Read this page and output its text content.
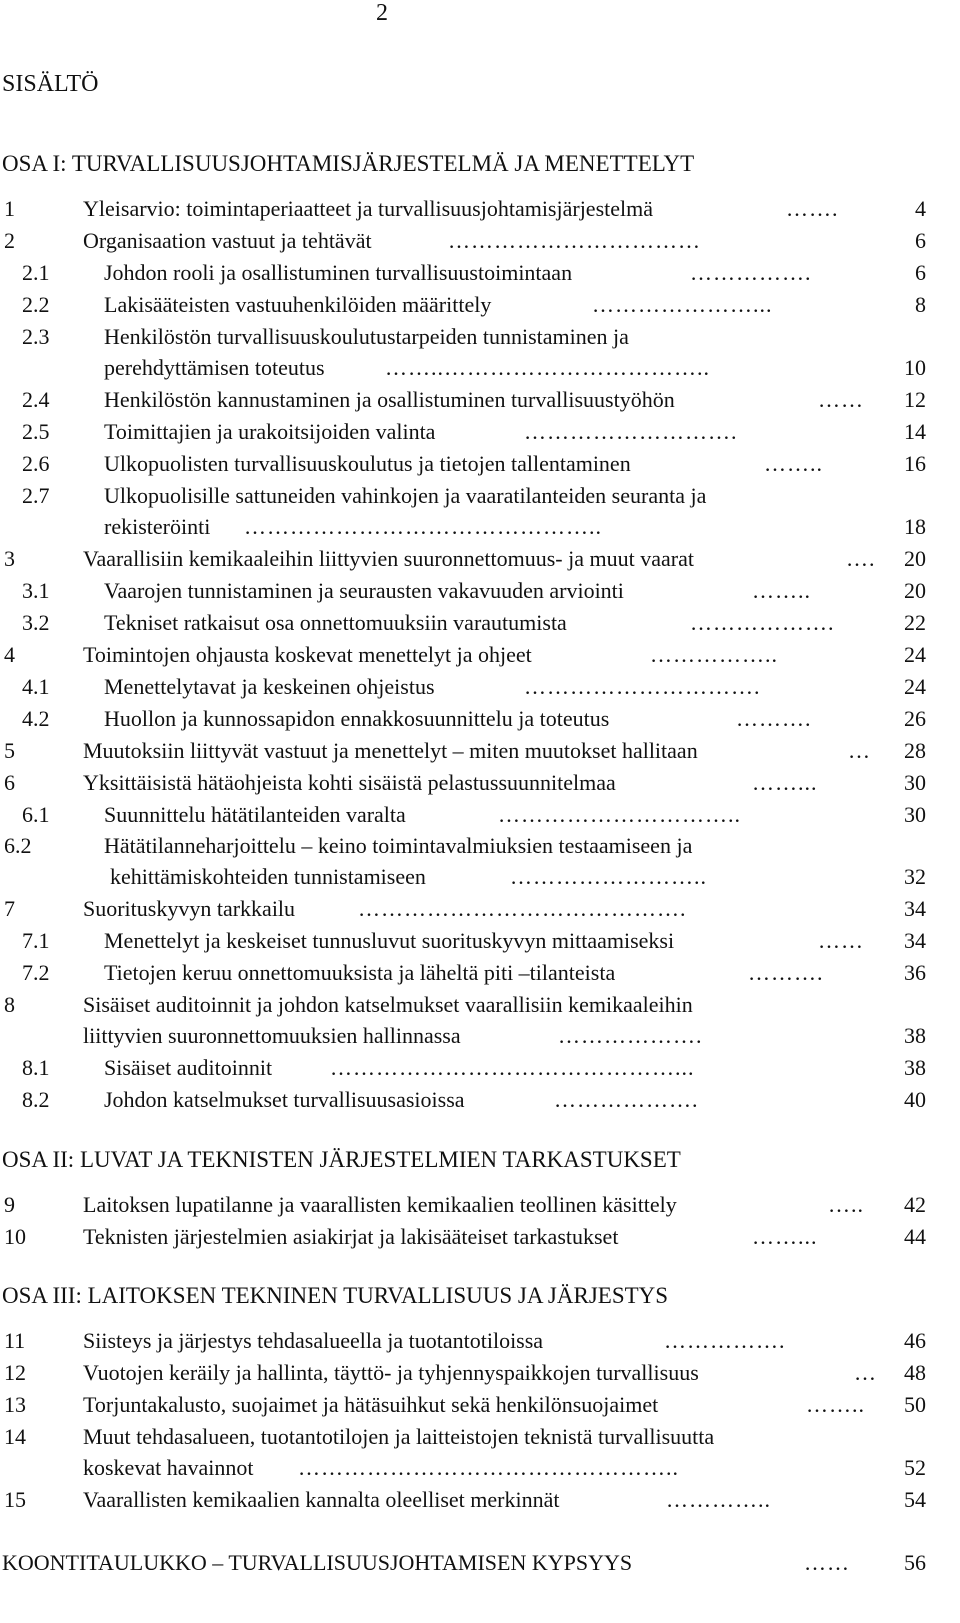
2
SISÄLTÖ
OSA I: TURVALLISUUSJOHTAMISJÄRJESTELMÄ JA MENETTELYT
OSA II: LUVAT JA TEKNISTEN JÄRJESTELMIEN TARKASTUKSET
OSA III: LAITOKSEN TEKNINEN TURVALLISUUS JA JÄRJESTYS
1	Yleisarvio: toimintaperiaatteet ja turvallisuusjohtamisjärjestelmä	…….	4
2	Organisaation vastuut ja tehtävät	……………………………	6
2.1 Johdon rooli ja osallistuminen turvallisuustoimintaan	…………….	6
2.2 Lakisääteisten vastuuhenkilöiden määrittely	…………………...	8
2.3 Henkilöstön turvallisuuskoulutustarpeiden tunnistaminen ja
perehdyttämisen toteutus	……..……………………………..	10
2.4 Henkilöstön kannustaminen ja osallistuminen turvallisuustyöhön	……	12
2.5 Toimittajien ja urakoitsijoiden valinta	……………………….	14
2.6 Ulkopuolisten turvallisuuskoulutus ja tietojen tallentaminen	……..	16
2.7 Ulkopuolisille sattuneiden vahinkojen ja vaaratilanteiden seuranta ja
rekisteröinti ………………………………………..	18
3	Vaarallisiin kemikaaleihin liittyvien suuronnettomuus- ja muut vaarat	….	20
3.1 Vaarojen tunnistaminen ja seurausten vakavuuden arviointi	……..	20
3.2 Tekniset ratkaisut osa onnettomuuksiin varautumista	……………….	22
4	Toimintojen ohjausta koskevat menettelyt ja ohjeet	……………..	24
4.1 Menettelytavat ja keskeinen ohjeistus	………………………….	24
4.2 Huollon ja kunnossapidon ennakkosuunnittelu ja toteutus	……….	26
5	Muutoksiin liittyvät vastuut ja menettelyt – miten muutokset hallitaan	…	28
6	Yksittäisistä hätäohjeista kohti sisäistä pelastussuunnitelmaa	……...	30
6.1 Suunnittelu hätätilanteiden varalta	…………………………..	30
6.2	Hätätilanneharjoittelu – keino toimintavalmiuksien testaamiseen ja
kehittämiskohteiden tunnistamiseen	……………………..	32
7	Suorituskyvyn tarkkailu	…………………………………….	34
7.1 Menettelyt ja keskeiset tunnusluvut suorituskyvyn mittaamiseksi	……	34
7.2 Tietojen keruu onnettomuuksista ja läheltä piti –tilanteista	……….	36
8	Sisäiset auditoinnit ja johdon katselmukset vaarallisiin kemikaaleihin
liittyvien suuronnettomuuksien hallinnassa	……………….	38
8.1 Sisäiset auditoinnit	………………………………………...	38
8.2 Johdon katselmukset turvallisuusasioissa	……………….	40
9	Laitoksen lupatilanne ja vaarallisten kemikaalien teollinen käsittely	…..	42
10	Teknisten järjestelmien asiakirjat ja lakisääteiset tarkastukset	……...	44
11	Siisteys ja järjestys tehdasalueella ja tuotantotiloissa	…………….	46
12	Vuotojen keräily ja hallinta, täyttö- ja tyhjennyspaikkojen turvallisuus	…	48
13	Torjuntakalusto, suojaimet ja hätäsuihkut sekä henkilönsuojaimet	……..	50
14	Muut tehdasalueen, tuotantotilojen ja laitteistojen teknistä turvallisuutta
koskevat havainnot …………………………………………..	52
15	Vaarallisten kemikaalien kannalta oleelliset merkinnät	…………..	54
KOONTITAULUKKO – TURVALLISUUSJOHTAMISEN KYPSYYS	……	56
